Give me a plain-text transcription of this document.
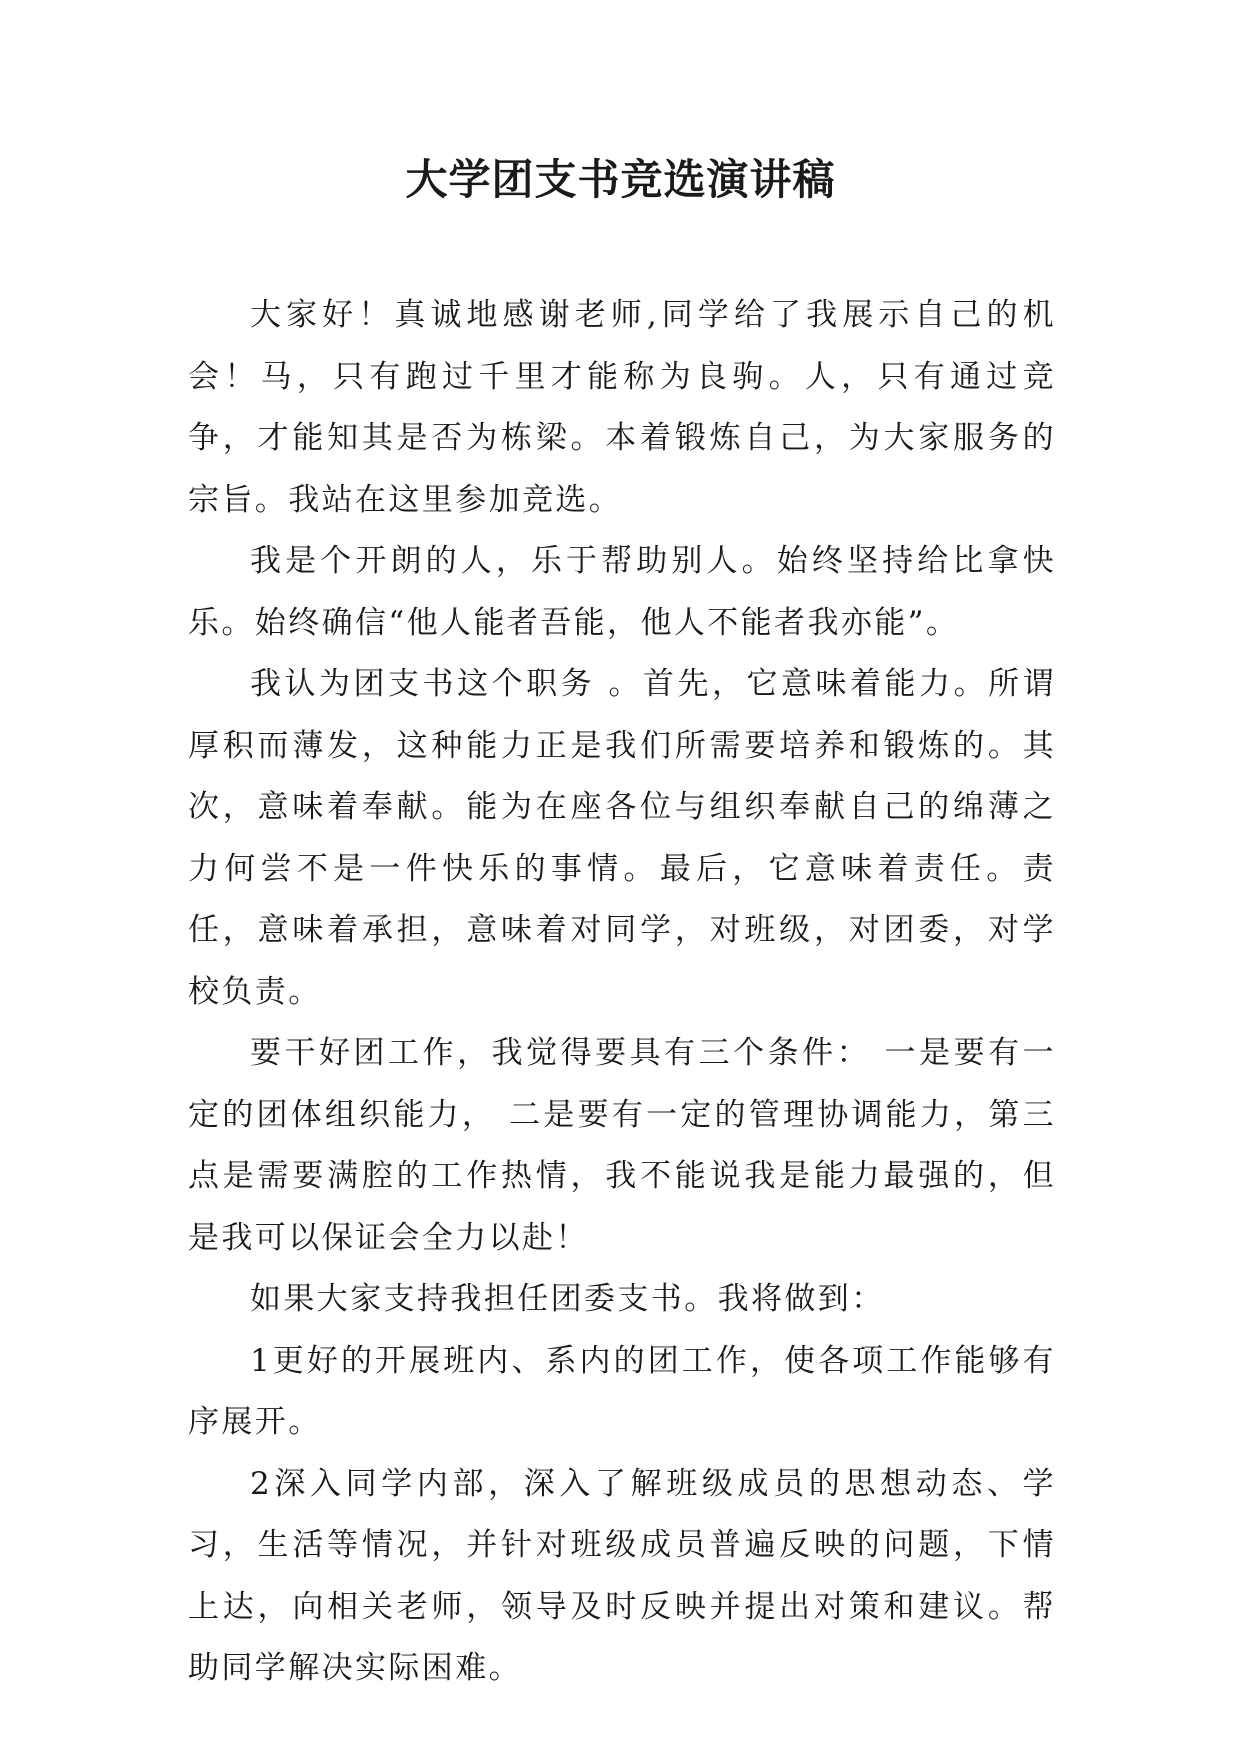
大学团支书竞选演讲稿

大家好！真诚地感谢老师,同学给了我展示自己的机会！马，只有跑过千里才能称为良驹。人，只有通过竞争，才能知其是否为栋梁。本着锻炼自己，为大家服务的宗旨。我站在这里参加竞选。

我是个开朗的人，乐于帮助别人。始终坚持给比拿快乐。始终确信“他人能者吾能，他人不能者我亦能”。

我认为团支书这个职务 。首先，它意味着能力。所谓厚积而薄发，这种能力正是我们所需要培养和锻炼的。其次，意味着奉献。能为在座各位与组织奉献自己的绵薄之力何尝不是一件快乐的事情。最后，它意味着责任。责任，意味着承担，意味着对同学，对班级，对团委，对学校负责。

要干好团工作，我觉得要具有三个条件： 一是要有一定的团体组织能力， 二是要有一定的管理协调能力，第三点是需要满腔的工作热情，我不能说我是能力最强的，但是我可以保证会全力以赴！

如果大家支持我担任团委支书。我将做到：

1更好的开展班内、系内的团工作，使各项工作能够有序展开。

2深入同学内部，深入了解班级成员的思想动态、学习，生活等情况，并针对班级成员普遍反映的问题，下情上达，向相关老师，领导及时反映并提出对策和建议。帮助同学解决实际困难。
